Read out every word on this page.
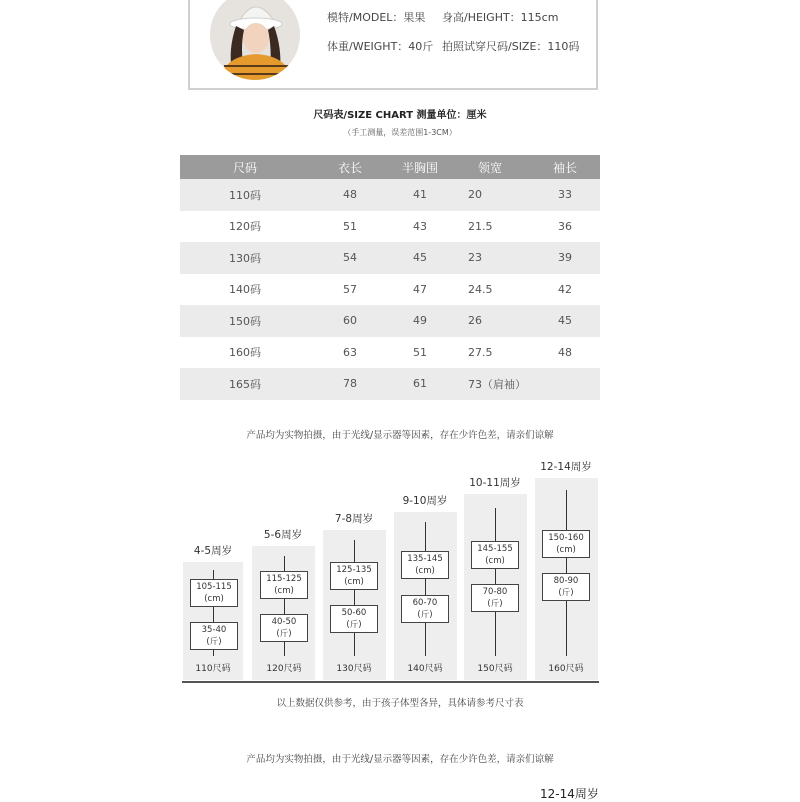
模特/MODEL：果果 身高/HEIGHT：115cm
体重/WEIGHT：40斤 拍照试穿尺码/SIZE：110码
尺码表/SIZE CHART 测量单位：厘米
（手工测量，误差范围1-3CM）
尺码	衣长	半胸围	领宽	袖长
110码	48	41	20	33
120码	51	43	21.5	36
130码	54	45	23	39
140码	57	47	24.5	42
150码	60	49	26	45
160码	63	51	27.5	48
165码	78	61	73（肩袖）	
产品均为实物拍摄，由于光线/显示器等因素，存在少许色差，请亲们谅解
4-5周岁
105-115
(cm)
35-40
(斤)
110尺码
5-6周岁
115-125
(cm)
40-50
(斤)
120尺码
7-8周岁
125-135
(cm)
50-60
(斤)
130尺码
9-10周岁
135-145
(cm)
60-70
(斤)
140尺码
10-11周岁
145-155
(cm)
70-80
(斤)
150尺码
12-14周岁
150-160
(cm)
80-90
(斤)
160尺码
以上数据仅供参考，由于孩子体型各异，具体请参考尺寸表
产品均为实物拍摄，由于光线/显示器等因素，存在少许色差，请亲们谅解
12-14周岁
